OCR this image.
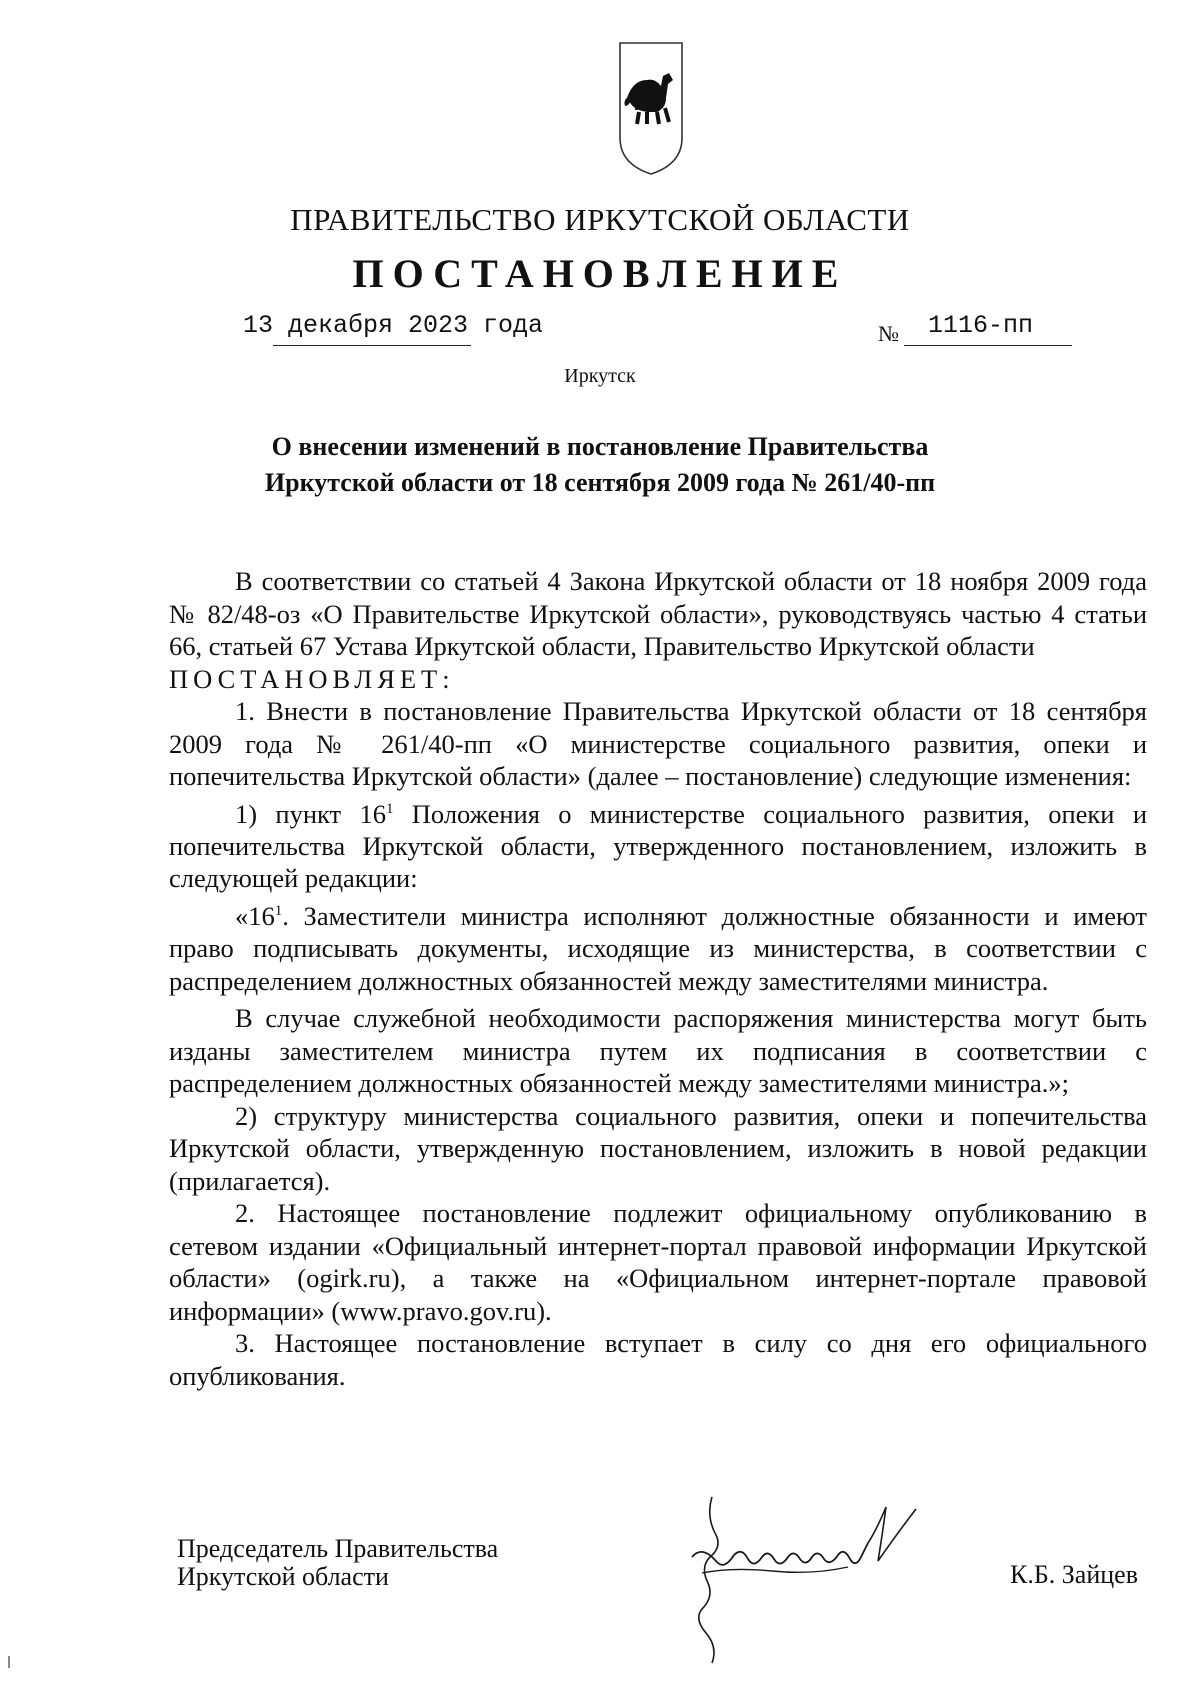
ПРАВИТЕЛЬСТВО ИРКУТСКОЙ ОБЛАСТИ
ПОСТАНОВЛЕНИЕ
13 декабря 2023 года	№ 1116-пп
Иркутск
О внесении изменений в постановление Правительства
Иркутской области от 18 сентября 2009 года № 261/40-пп

В соответствии со статьей 4 Закона Иркутской области от 18 ноября 2009 года № 82/48-оз «О Правительстве Иркутской области», руководствуясь частью 4 статьи 66, статьей 67 Устава Иркутской области, Правительство Иркутской области

ПОСТАНОВЛЯЕТ:

1. Внести в постановление Правительства Иркутской области от 18 сентября 2009 года № 261/40-пп «О министерстве социального развития, опеки и попечительства Иркутской области» (далее – постановление) следующие изменения:

1) пункт $16^1$ Положения о министерстве социального развития, опеки и попечительства Иркутской области, утвержденного постановлением, изложить в следующей редакции:

«$16^1$. Заместители министра исполняют должностные обязанности и имеют право подписывать документы, исходящие из министерства, в соответствии с распределением должностных обязанностей между заместителями министра.

В случае служебной необходимости распоряжения министерства могут быть изданы заместителем министра путем их подписания в соответствии с распределением должностных обязанностей между заместителями министра.»;

2) структуру министерства социального развития, опеки и попечительства Иркутской области, утвержденную постановлением, изложить в новой редакции (прилагается).

2. Настоящее постановление подлежит официальному опубликованию в сетевом издании «Официальный интернет-портал правовой информации Иркутской области» (ogirk.ru), а также на «Официальном интернет-портале правовой информации» (www.pravo.gov.ru).

3. Настоящее постановление вступает в силу со дня его официального опубликования.

Председатель Правительства
Иркутской области	К.Б. Зайцев
